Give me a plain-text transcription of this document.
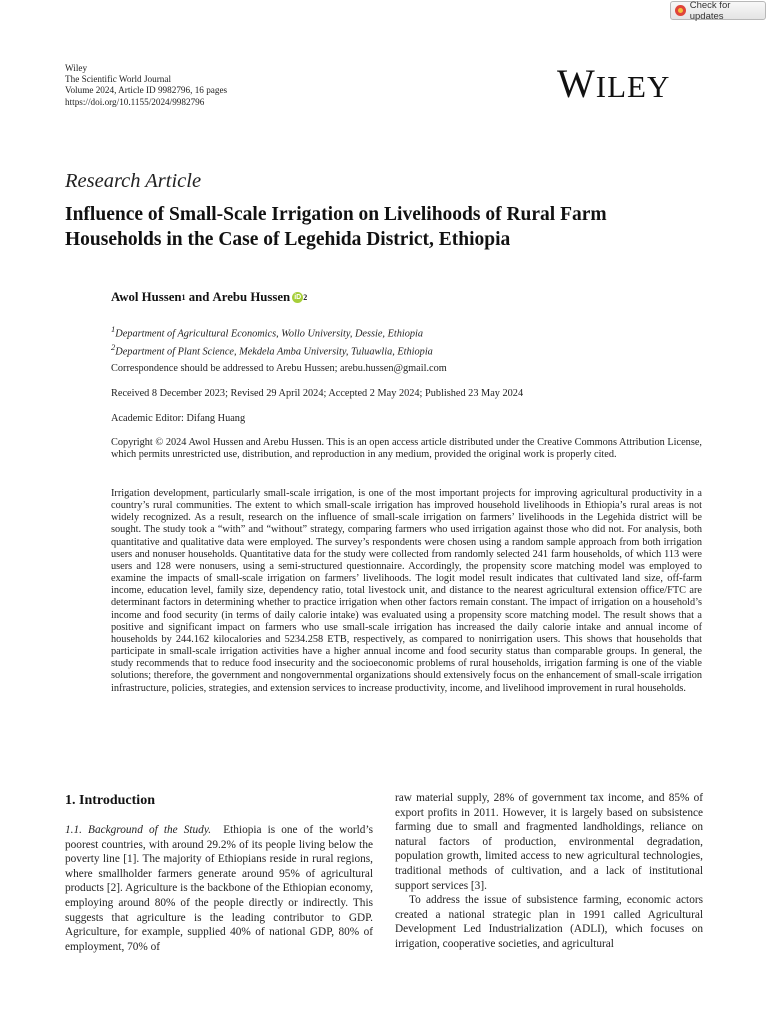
Check for updates
Wiley
The Scientific World Journal
Volume 2024, Article ID 9982796, 16 pages
https://doi.org/10.1155/2024/9982796	WILEY
Research Article
Influence of Small-Scale Irrigation on Livelihoods of Rural Farm Households in the Case of Legehida District, Ethiopia
Awol Hussen 1 and Arebu Hussen iD 2
$^1$Department of Agricultural Economics, Wollo University, Dessie, Ethiopia
$^2$Department of Plant Science, Mekdela Amba University, Tuluawlia, Ethiopia
Correspondence should be addressed to Arebu Hussen; arebu.hussen@gmail.com
Received 8 December 2023; Revised 29 April 2024; Accepted 2 May 2024; Published 23 May 2024
Academic Editor: Difang Huang
Copyright © 2024 Awol Hussen and Arebu Hussen. This is an open access article distributed under the Creative Commons Attribution License, which permits unrestricted use, distribution, and reproduction in any medium, provided the original work is properly cited.
Irrigation development, particularly small-scale irrigation, is one of the most important projects for improving agricultural productivity in a country’s rural communities. The extent to which small-scale irrigation has improved household livelihoods in Ethiopia’s rural areas is not widely recognized. As a result, research on the influence of small-scale irrigation on farmers’ livelihoods in the Legehida district will be sought. The study took a “with” and “without” strategy, comparing farmers who used irrigation against those who did not. For analysis, both quantitative and qualitative data were employed. The survey’s respondents were chosen using a random sample approach from both irrigation users and nonuser households. Quantitative data for the study were collected from randomly selected 241 farm households, of which 113 were users and 128 were nonusers, using a semi-structured questionnaire. Accordingly, the propensity score matching model was employed to examine the impacts of small-scale irrigation on farmers’ livelihoods. The logit model result indicates that cultivated land size, off-farm income, education level, family size, dependency ratio, total livestock unit, and distance to the nearest agricultural extension office/FTC are determinant factors in determining whether to practice irrigation when other factors remain constant. The impact of irrigation on a household’s income and food security (in terms of daily calorie intake) was evaluated using a propensity score matching model. The result shows that a positive and significant impact on farmers who use small-scale irrigation has increased the daily calorie intake and annual income of households by 244.162 kilocalories and 5234.258 ETB, respectively, as compared to nonirrigation users. This shows that households that participate in small-scale irrigation activities have a higher annual income and food security status than comparable groups. In general, the study recommends that to reduce food insecurity and the socioeconomic problems of rural households, irrigation farming is one of the viable solutions; therefore, the government and nongovernmental organizations should extensively focus on the enhancement of small-scale irrigation infrastructure, policies, strategies, and extension services to increase productivity, income, and livelihood improvement in rural households.
1. Introduction

1.1. Background of the Study. Ethiopia is one of the world’s poorest countries, with around 29.2% of its people living below the poverty line [1]. The majority of Ethiopians reside in rural regions, where smallholder farmers generate around 95% of agricultural products [2]. Agriculture is the backbone of the Ethiopian economy, employing around 80% of the people directly or indirectly. This suggests that agriculture is the leading contributor to GDP. Agriculture, for example, supplied 40% of national GDP, 80% of employment, 70% of

raw material supply, 28% of government tax income, and 85% of export profits in 2011. However, it is largely based on subsistence farming due to small and fragmented landholdings, reliance on natural factors of production, environmental degradation, population growth, limited access to new agricultural technologies, traditional methods of cultivation, and a lack of institutional support services [3].

To address the issue of subsistence farming, economic actors created a national strategic plan in 1991 called Agricultural Development Led Industrialization (ADLI), which focuses on irrigation, cooperative societies, and agricultural
